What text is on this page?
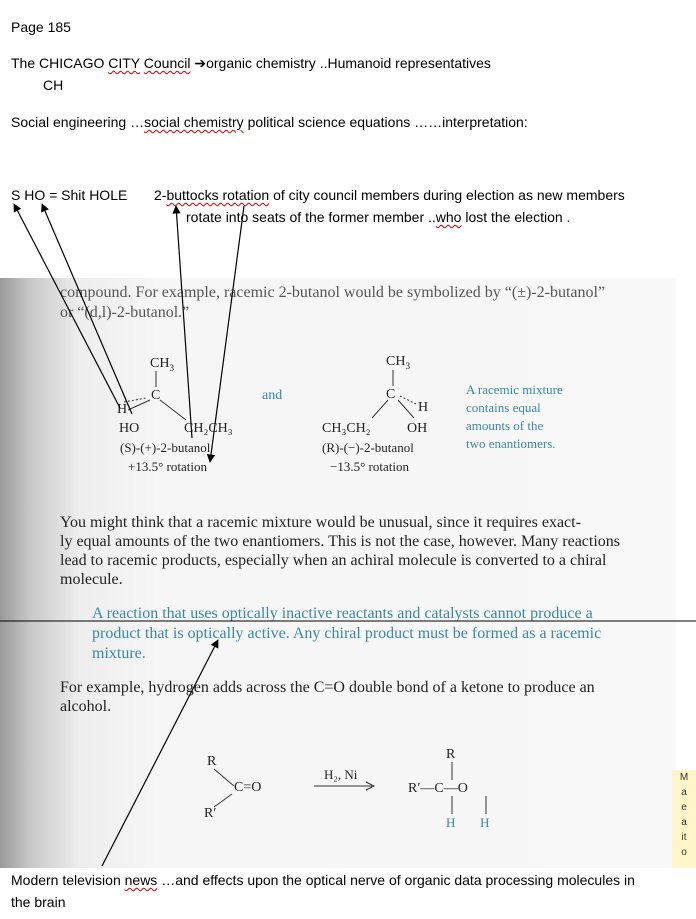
Page 185
The CHICAGO CITY Council ➔organic chemistry ..Humanoid representatives
CH
Social engineering …social chemistry political science equations ……interpretation:
S HO = Shit HOLE 2-buttocks rotation of city council members during election as new members
rotate into seats of the former member ..who lost the election .
compound. For example, racemic 2-butanol would be symbolized by “(±)-2-butanol”
or “(d,l)-2-butanol.”
$CH_3$
C
H
HO	CH₂CH₃
(S)-(+)-2-butanol
+13.5° rotation
and
$CH_3$
C
H
CH₃CH₂	OH
(R)-(−)-2-butanol
−13.5° rotation
A racemic mixture
contains equal
amounts of the
two enantiomers.
You might think that a racemic mixture would be unusual, since it requires exact-
ly equal amounts of the two enantiomers. This is not the case, however. Many reactions
lead to racemic products, especially when an achiral molecule is converted to a chiral
molecule.
A reaction that uses optically inactive reactants and catalysts cannot produce a
product that is optically active. Any chiral product must be formed as a racemic
mixture.
For example, hydrogen adds across the C=O double bond of a ketone to produce an
alcohol.
R
C=O
R′
H₂, Ni
R
R′—C—O
H H
M
a
e
a
it
o
Modern television news …and effects upon the optical nerve of organic data processing molecules in
the brain
